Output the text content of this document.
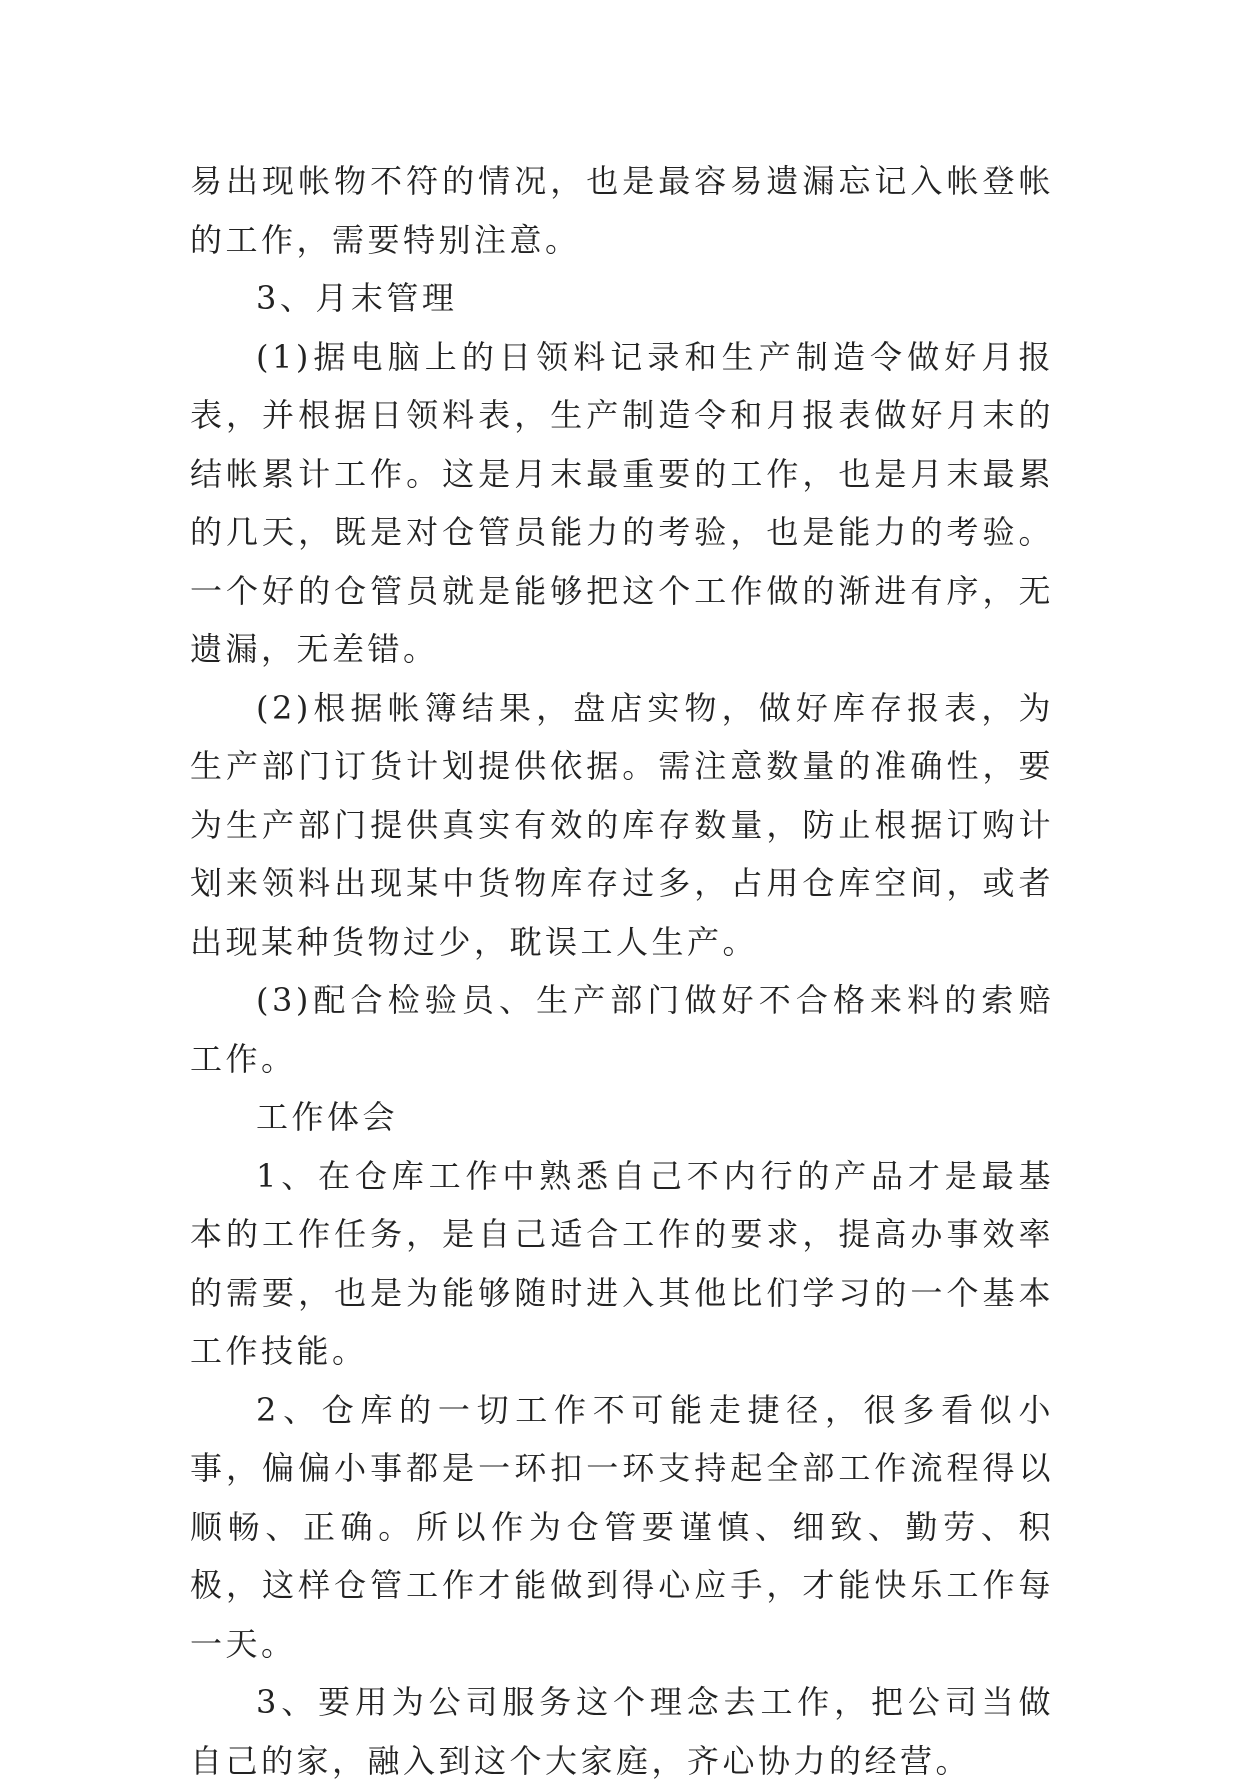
易出现帐物不符的情况，也是最容易遗漏忘记入帐登帐的工作，需要特别注意。

3、月末管理

(1)据电脑上的日领料记录和生产制造令做好月报表，并根据日领料表，生产制造令和月报表做好月末的结帐累计工作。这是月末最重要的工作，也是月末最累的几天，既是对仓管员能力的考验，也是能力的考验。一个好的仓管员就是能够把这个工作做的渐进有序，无遗漏，无差错。

(2)根据帐簿结果，盘店实物，做好库存报表，为生产部门订货计划提供依据。需注意数量的准确性，要为生产部门提供真实有效的库存数量，防止根据订购计划来领料出现某中货物库存过多，占用仓库空间，或者出现某种货物过少，耽误工人生产。

(3)配合检验员、生产部门做好不合格来料的索赔工作。

工作体会

1、在仓库工作中熟悉自己不内行的产品才是最基本的工作任务，是自己适合工作的要求，提高办事效率的需要，也是为能够随时进入其他比们学习的一个基本工作技能。

2、仓库的一切工作不可能走捷径，很多看似小事，偏偏小事都是一环扣一环支持起全部工作流程得以顺畅、正确。所以作为仓管要谨慎、细致、勤劳、积极，这样仓管工作才能做到得心应手，才能快乐工作每一天。

3、要用为公司服务这个理念去工作，把公司当做自己的家，融入到这个大家庭，齐心协力的经营。
